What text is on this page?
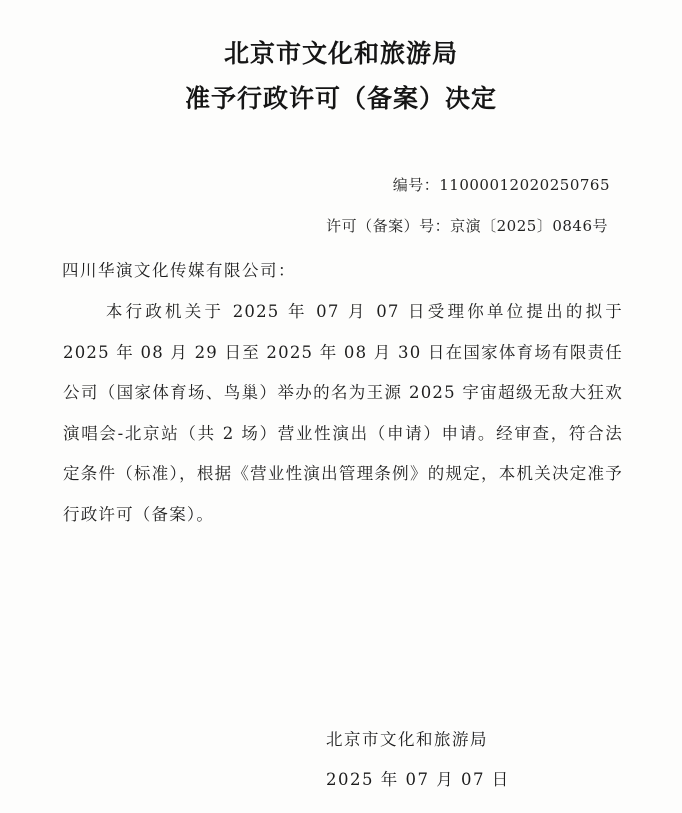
北京市文化和旅游局
准予行政许可（备案）决定
编号：11000012020250765
许可（备案）号：京演〔2025〕0846号
四川华演文化传媒有限公司：
本行政机关于 2025 年 07 月 07 日受理你单位提出的拟于 2025 年 08 月 29 日至 2025 年 08 月 30 日在国家体育场有限责任公司（国家体育场、鸟巢）举办的名为王源 2025 宇宙超级无敌大狂欢演唱会-北京站（共 2 场）营业性演出（申请）申请。经审查，符合法定条件（标准），根据《营业性演出管理条例》的规定，本机关决定准予行政许可（备案）。
北京市文化和旅游局
2025 年 07 月 07 日
